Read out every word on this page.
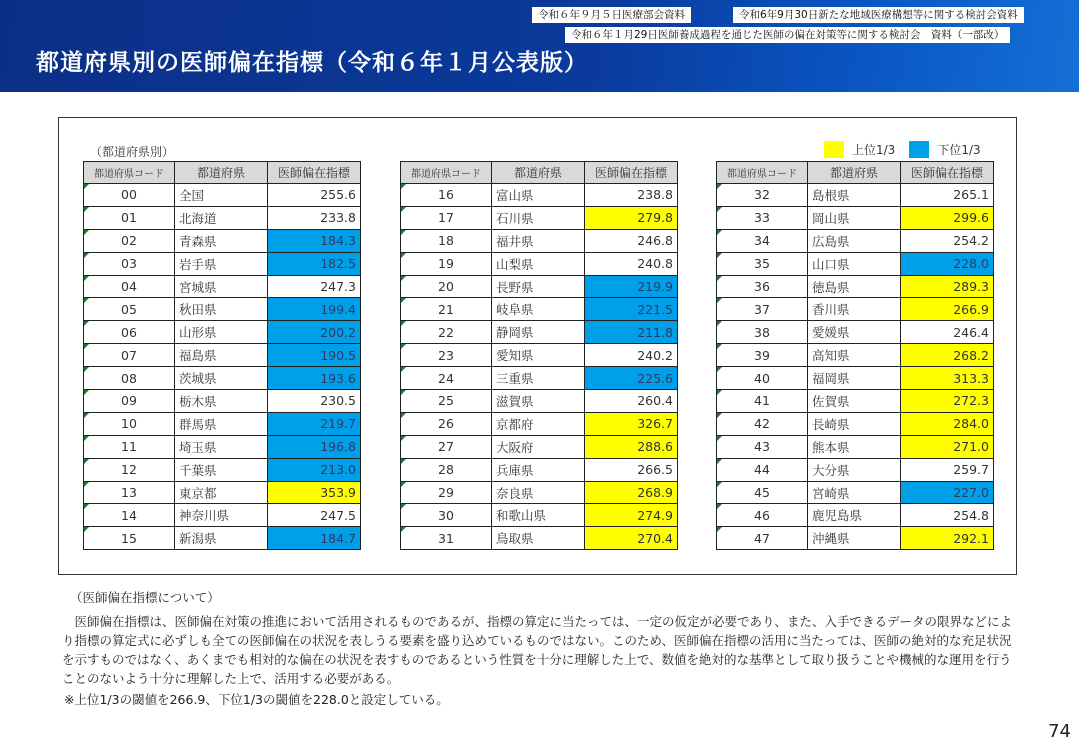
令和６年９月５日医療部会資料	令和6年9月30日新たな地域医療構想等に関する検討会資料
令和６年１月29日医師養成過程を通じた医師の偏在対策等に関する検討会　資料（一部改）
都道府県別の医師偏在指標（令和６年１月公表版）
（都道府県別）	上位1/3	下位1/3
都道府県コード	都道府県	医師偏在指標
00	全国	255.6
01	北海道	233.8
02	青森県	184.3
03	岩手県	182.5
04	宮城県	247.3
05	秋田県	199.4
06	山形県	200.2
07	福島県	190.5
08	茨城県	193.6
09	栃木県	230.5
10	群馬県	219.7
11	埼玉県	196.8
12	千葉県	213.0
13	東京都	353.9
14	神奈川県	247.5
15	新潟県	184.7
都道府県コード	都道府県	医師偏在指標
16	富山県	238.8
17	石川県	279.8
18	福井県	246.8
19	山梨県	240.8
20	長野県	219.9
21	岐阜県	221.5
22	静岡県	211.8
23	愛知県	240.2
24	三重県	225.6
25	滋賀県	260.4
26	京都府	326.7
27	大阪府	288.6
28	兵庫県	266.5
29	奈良県	268.9
30	和歌山県	274.9
31	鳥取県	270.4
都道府県コード	都道府県	医師偏在指標
32	島根県	265.1
33	岡山県	299.6
34	広島県	254.2
35	山口県	228.0
36	徳島県	289.3
37	香川県	266.9
38	愛媛県	246.4
39	高知県	268.2
40	福岡県	313.3
41	佐賀県	272.3
42	長崎県	284.0
43	熊本県	271.0
44	大分県	259.7
45	宮崎県	227.0
46	鹿児島県	254.8
47	沖縄県	292.1
（医師偏在指標について）
医師偏在指標は、医師偏在対策の推進において活用されるものであるが、指標の算定に当たっては、一定の仮定が必要であり、また、入手できるデータの限界などにより指標の算定式に必ずしも全ての医師偏在の状況を表しうる要素を盛り込めているものではない。このため、医師偏在指標の活用に当たっては、医師の絶対的な充足状況を示すものではなく、あくまでも相対的な偏在の状況を表すものであるという性質を十分に理解した上で、数値を絶対的な基準として取り扱うことや機械的な運用を行うことのないよう十分に理解した上で、活用する必要がある。
※上位1/3の閾値を266.9、下位1/3の閾値を228.0と設定している。
74
